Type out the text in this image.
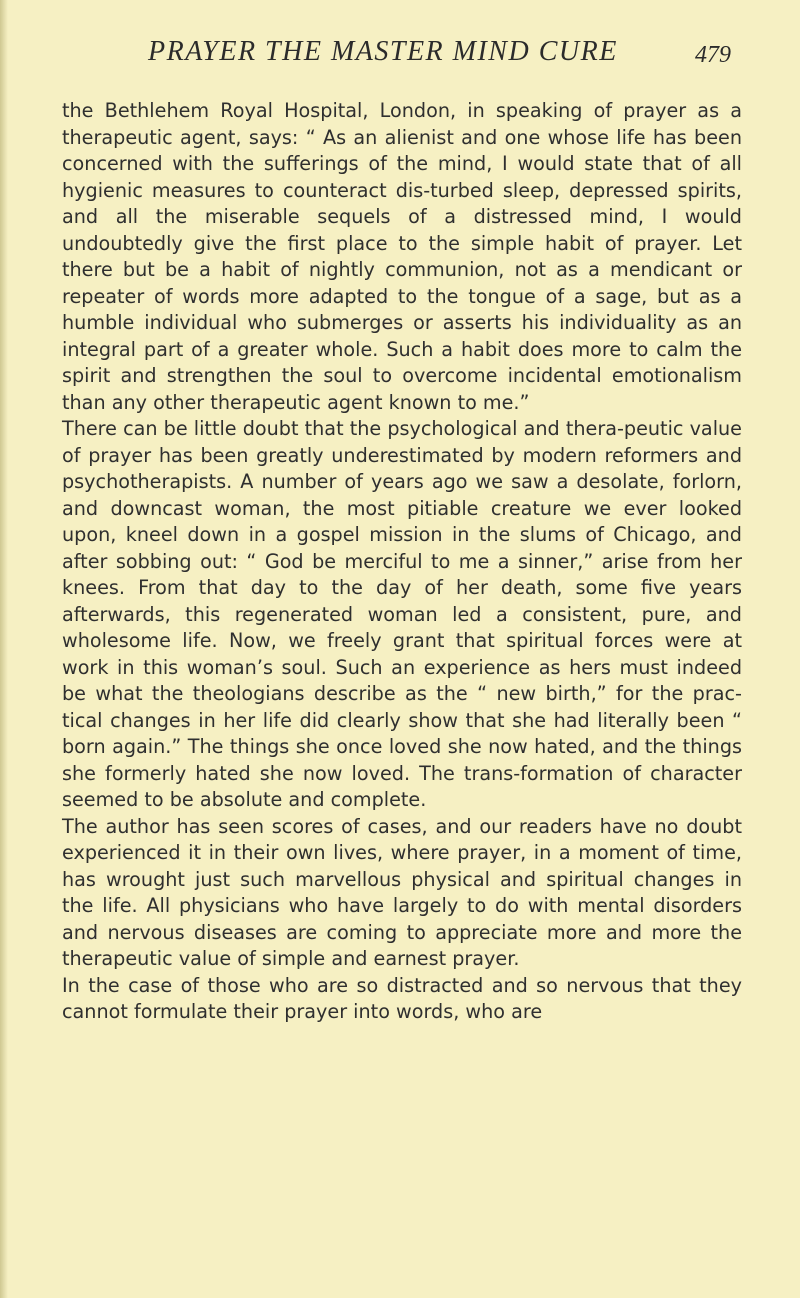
PRAYER THE MASTER MIND CURE	479

the Bethlehem Royal Hospital, London, in speaking of prayer as a therapeutic agent, says: “ As an alienist and one whose life has been concerned with the sufferings of the mind, I would state that of all hygienic measures to counteract dis-turbed sleep, depressed spirits, and all the miserable sequels of a distressed mind, I would undoubtedly give the first place to the simple habit of prayer. Let there but be a habit of nightly communion, not as a mendicant or repeater of words more adapted to the tongue of a sage, but as a humble individual who submerges or asserts his individuality as an integral part of a greater whole. Such a habit does more to calm the spirit and strengthen the soul to overcome incidental emotionalism than any other therapeutic agent known to me.”

There can be little doubt that the psychological and thera-peutic value of prayer has been greatly underestimated by modern reformers and psychotherapists. A number of years ago we saw a desolate, forlorn, and downcast woman, the most pitiable creature we ever looked upon, kneel down in a gospel mission in the slums of Chicago, and after sobbing out: “ God be merciful to me a sinner,” arise from her knees. From that day to the day of her death, some five years afterwards, this regenerated woman led a consistent, pure, and wholesome life. Now, we freely grant that spiritual forces were at work in this woman’s soul. Such an experience as hers must indeed be what the theologians describe as the “ new birth,” for the prac-tical changes in her life did clearly show that she had literally been “ born again.” The things she once loved she now hated, and the things she formerly hated she now loved. The trans-formation of character seemed to be absolute and complete.

The author has seen scores of cases, and our readers have no doubt experienced it in their own lives, where prayer, in a moment of time, has wrought just such marvellous physical and spiritual changes in the life. All physicians who have largely to do with mental disorders and nervous diseases are coming to appreciate more and more the therapeutic value of simple and earnest prayer.

In the case of those who are so distracted and so nervous that they cannot formulate their prayer into words, who are
